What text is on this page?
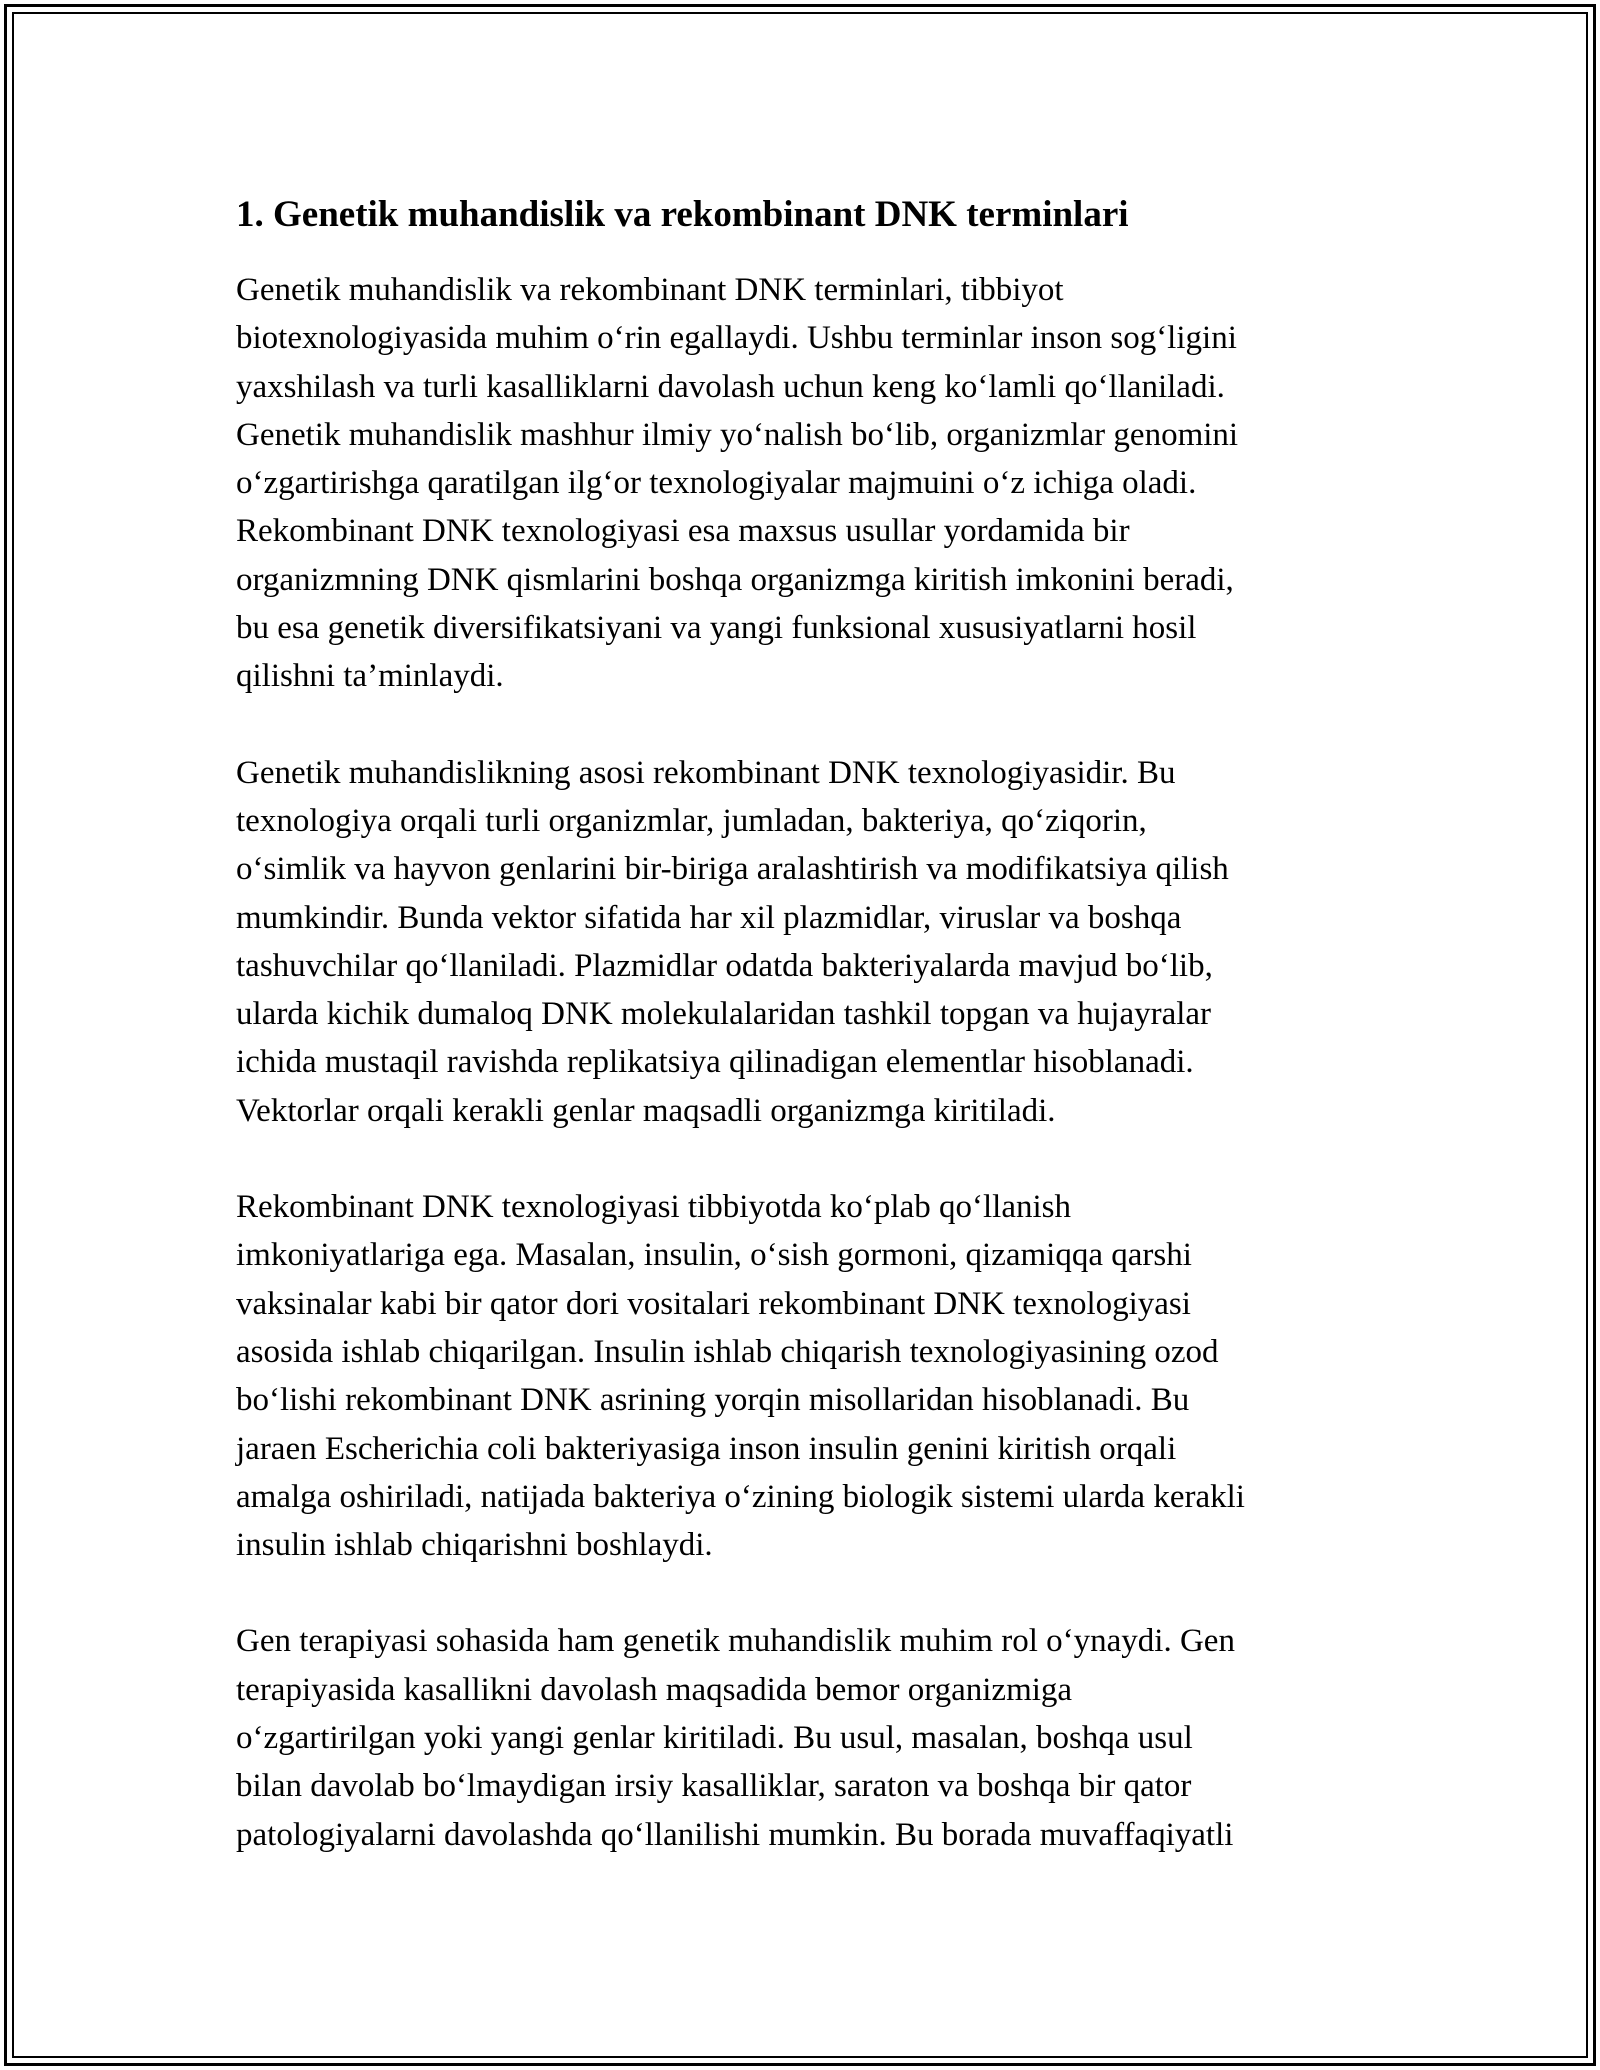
1. Genetik muhandislik va rekombinant DNK terminlari
Genetik muhandislik va rekombinant DNK terminlari, tibbiyot
biotexnologiyasida muhim o‘rin egallaydi. Ushbu terminlar inson sog‘ligini
yaxshilash va turli kasalliklarni davolash uchun keng ko‘lamli qo‘llaniladi.
Genetik muhandislik mashhur ilmiy yo‘nalish bo‘lib, organizmlar genomini
o‘zgartirishga qaratilgan ilg‘or texnologiyalar majmuini o‘z ichiga oladi.
Rekombinant DNK texnologiyasi esa maxsus usullar yordamida bir
organizmning DNK qismlarini boshqa organizmga kiritish imkonini beradi,
bu esa genetik diversifikatsiyani va yangi funksional xususiyatlarni hosil
qilishni ta’minlaydi.
Genetik muhandislikning asosi rekombinant DNK texnologiyasidir. Bu
texnologiya orqali turli organizmlar, jumladan, bakteriya, qo‘ziqorin,
o‘simlik va hayvon genlarini bir-biriga aralashtirish va modifikatsiya qilish
mumkindir. Bunda vektor sifatida har xil plazmidlar, viruslar va boshqa
tashuvchilar qo‘llaniladi. Plazmidlar odatda bakteriyalarda mavjud bo‘lib,
ularda kichik dumaloq DNK molekulalaridan tashkil topgan va hujayralar
ichida mustaqil ravishda replikatsiya qilinadigan elementlar hisoblanadi.
Vektorlar orqali kerakli genlar maqsadli organizmga kiritiladi.
Rekombinant DNK texnologiyasi tibbiyotda ko‘plab qo‘llanish
imkoniyatlariga ega. Masalan, insulin, o‘sish gormoni, qizamiqqa qarshi
vaksinalar kabi bir qator dori vositalari rekombinant DNK texnologiyasi
asosida ishlab chiqarilgan. Insulin ishlab chiqarish texnologiyasining ozod
bo‘lishi rekombinant DNK asrining yorqin misollaridan hisoblanadi. Bu
jaraen Escherichia coli bakteriyasiga inson insulin genini kiritish orqali
amalga oshiriladi, natijada bakteriya o‘zining biologik sistemi ularda kerakli
insulin ishlab chiqarishni boshlaydi.
Gen terapiyasi sohasida ham genetik muhandislik muhim rol o‘ynaydi. Gen
terapiyasida kasallikni davolash maqsadida bemor organizmiga
o‘zgartirilgan yoki yangi genlar kiritiladi. Bu usul, masalan, boshqa usul
bilan davolab bo‘lmaydigan irsiy kasalliklar, saraton va boshqa bir qator
patologiyalarni davolashda qo‘llanilishi mumkin. Bu borada muvaffaqiyatli
